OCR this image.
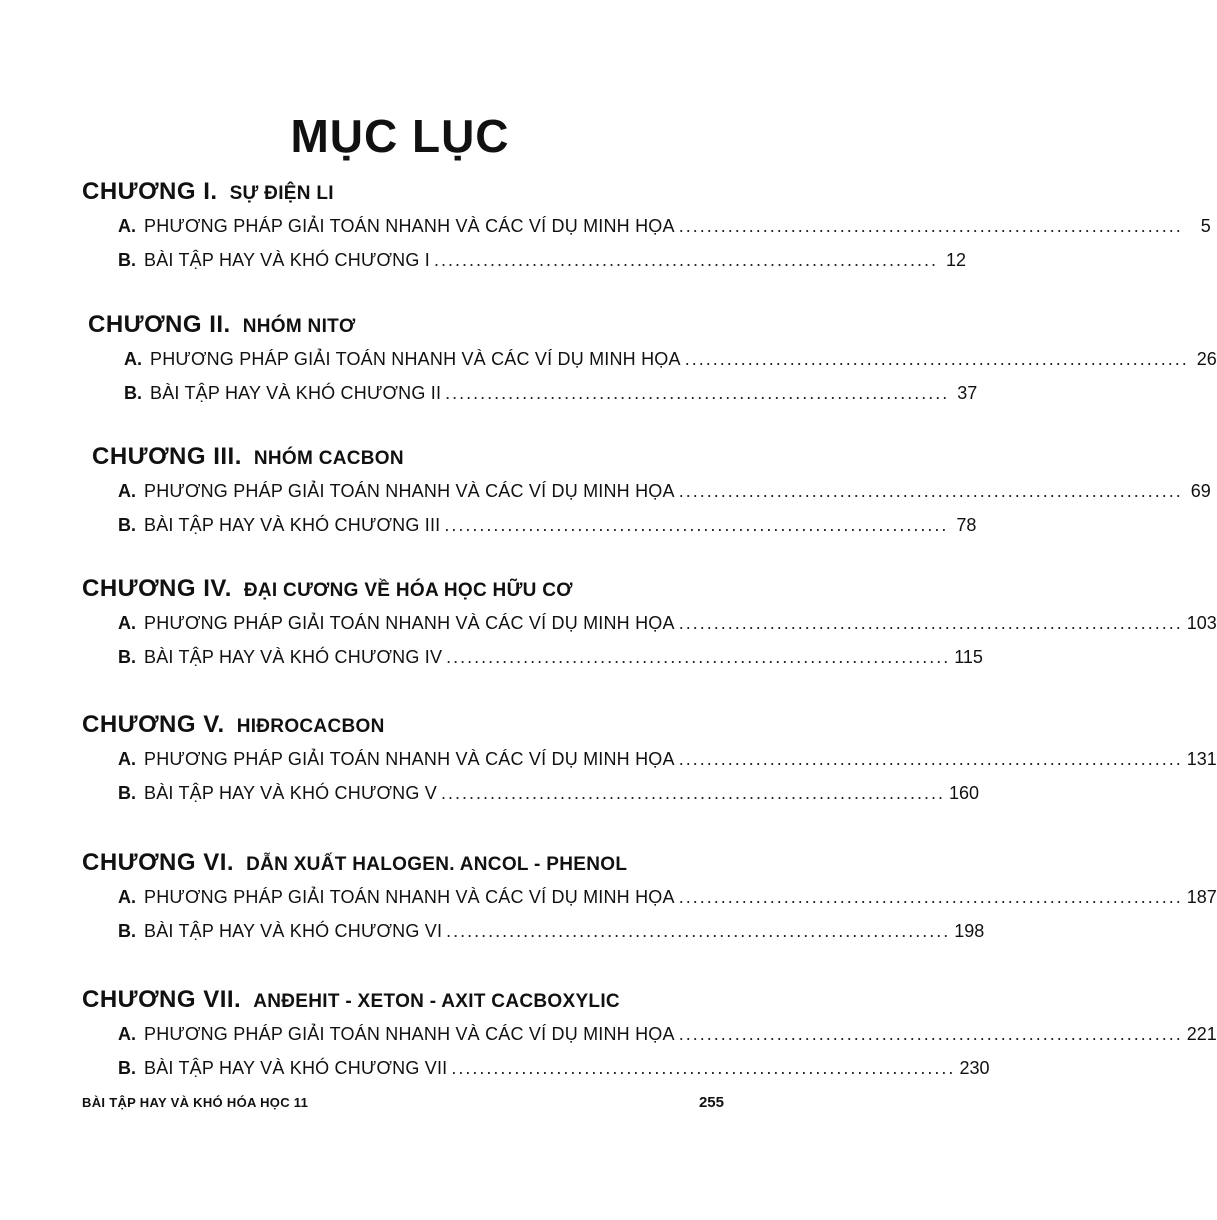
MỤC LỤC
CHƯƠNG I. SỰ ĐIỆN LI
A. PHƯƠNG PHÁP GIẢI TOÁN NHANH VÀ CÁC VÍ DỤ MINH HỌA ........................................................................ 5
B. BÀI TẬP HAY VÀ KHÓ CHƯƠNG I ........................................................................ 12
CHƯƠNG II. NHÓM NITƠ
A. PHƯƠNG PHÁP GIẢI TOÁN NHANH VÀ CÁC VÍ DỤ MINH HỌA ........................................................................ 26
B. BÀI TẬP HAY VÀ KHÓ CHƯƠNG II ........................................................................ 37
CHƯƠNG III. NHÓM CACBON
A. PHƯƠNG PHÁP GIẢI TOÁN NHANH VÀ CÁC VÍ DỤ MINH HỌA ........................................................................ 69
B. BÀI TẬP HAY VÀ KHÓ CHƯƠNG III ........................................................................ 78
CHƯƠNG IV. ĐẠI CƯƠNG VỀ HÓA HỌC HỮU CƠ
A. PHƯƠNG PHÁP GIẢI TOÁN NHANH VÀ CÁC VÍ DỤ MINH HỌA ........................................................................ 103
B. BÀI TẬP HAY VÀ KHÓ CHƯƠNG IV ........................................................................ 115
CHƯƠNG V. HIĐROCACBON
A. PHƯƠNG PHÁP GIẢI TOÁN NHANH VÀ CÁC VÍ DỤ MINH HỌA ........................................................................ 131
B. BÀI TẬP HAY VÀ KHÓ CHƯƠNG V ........................................................................ 160
CHƯƠNG VI. DẪN XUẤT HALOGEN. ANCOL - PHENOL
A. PHƯƠNG PHÁP GIẢI TOÁN NHANH VÀ CÁC VÍ DỤ MINH HỌA ........................................................................ 187
B. BÀI TẬP HAY VÀ KHÓ CHƯƠNG VI ........................................................................ 198
CHƯƠNG VII. ANĐEHIT - XETON - AXIT CACBOXYLIC
A. PHƯƠNG PHÁP GIẢI TOÁN NHANH VÀ CÁC VÍ DỤ MINH HỌA ........................................................................ 221
B. BÀI TẬP HAY VÀ KHÓ CHƯƠNG VII ........................................................................ 230
BÀI TẬP HAY VÀ KHÓ HÓA HỌC 11	255
